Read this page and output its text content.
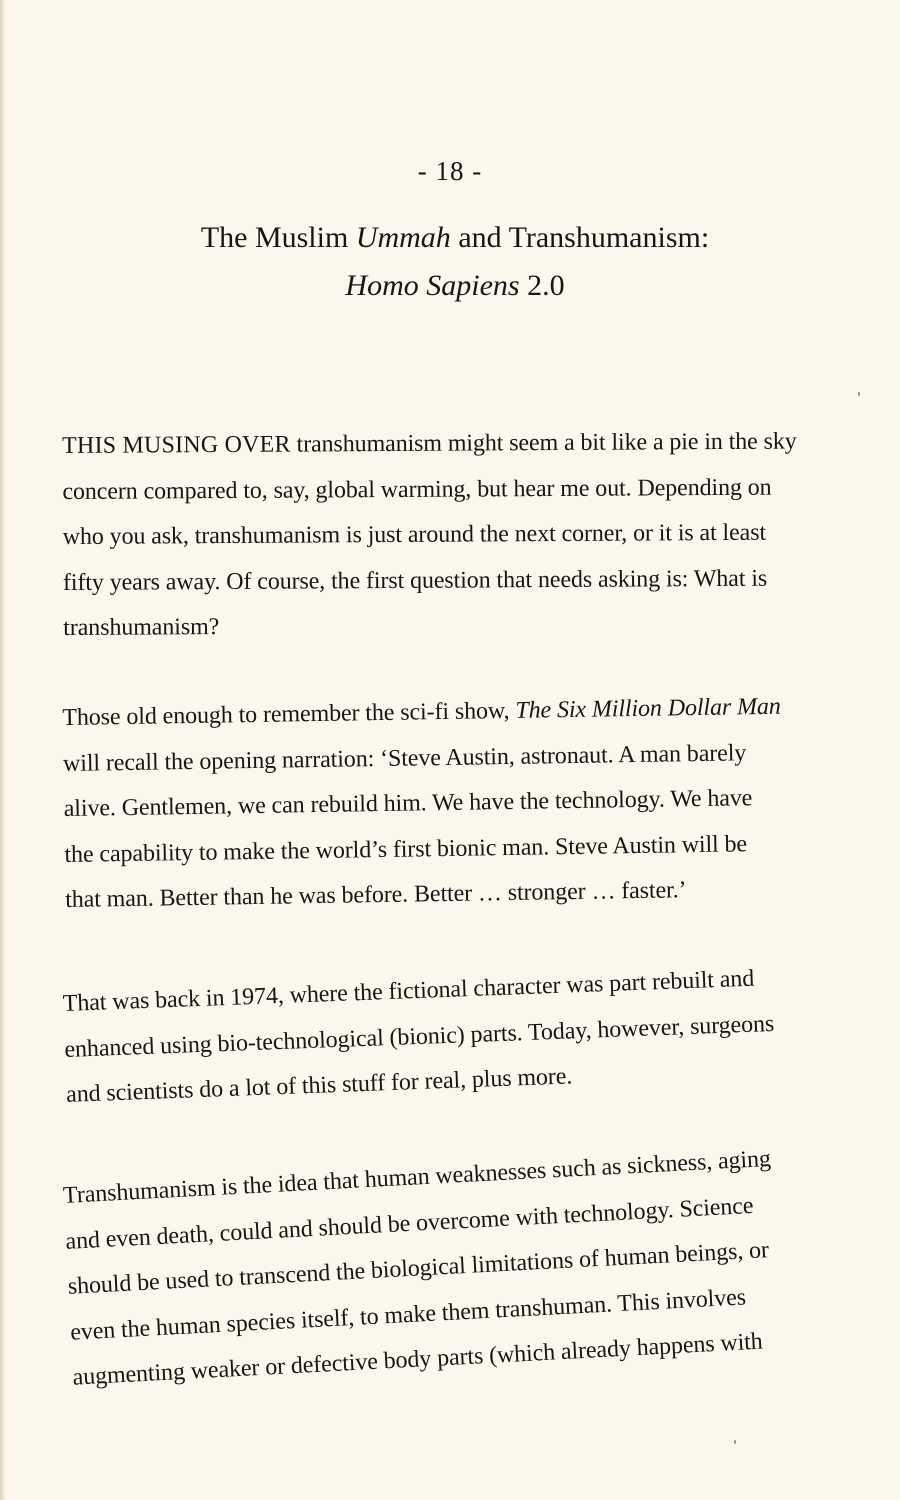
- 18 -
The Muslim Ummah and Transhumanism:
Homo Sapiens 2.0
THIS MUSING OVER transhumanism might seem a bit like a pie in the sky
concern compared to, say, global warming, but hear me out. Depending on
who you ask, transhumanism is just around the next corner, or it is at least
fifty years away. Of course, the first question that needs asking is: What is
transhumanism?
Those old enough to remember the sci-fi show, The Six Million Dollar Man
will recall the opening narration: ‘Steve Austin, astronaut. A man barely
alive. Gentlemen, we can rebuild him. We have the technology. We have
the capability to make the world’s first bionic man. Steve Austin will be
that man. Better than he was before. Better … stronger … faster.’
That was back in 1974, where the fictional character was part rebuilt and
enhanced using bio-technological (bionic) parts. Today, however, surgeons
and scientists do a lot of this stuff for real, plus more.
Transhumanism is the idea that human weaknesses such as sickness, aging
and even death, could and should be overcome with technology. Science
should be used to transcend the biological limitations of human beings, or
even the human species itself, to make them transhuman. This involves
augmenting weaker or defective body parts (which already happens with
